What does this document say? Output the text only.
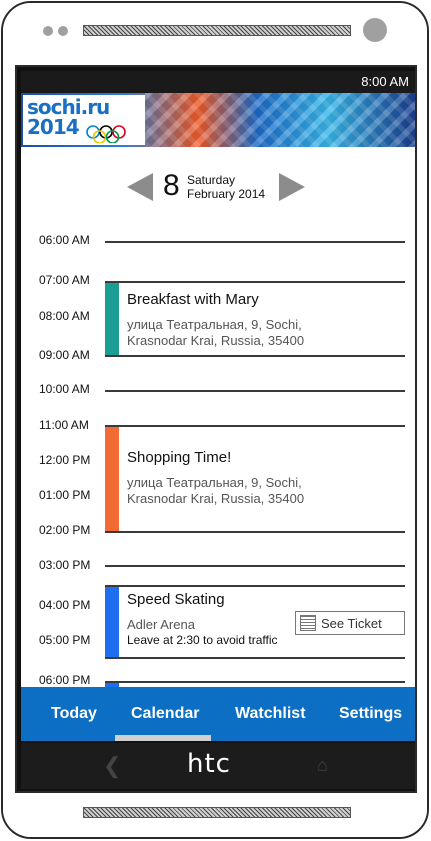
8:00 AM
sochi.ru
2014
8 Saturday
February 2014
06:00 AM
07:00 AM
Breakfast with Mary
улица Театральная, 9, Sochi,
Krasnodar Krai, Russia, 35400
08:00 AM
09:00 AM
10:00 AM
11:00 AM
Shopping Time!
улица Театральная, 9, Sochi,
Krasnodar Krai, Russia, 35400
12:00 PM
01:00 PM
02:00 PM
03:00 PM
Speed Skating
Adler Arena
Leave at 2:30 to avoid traffic
See Ticket
04:00 PM
05:00 PM
06:00 PM
Today Calendar Watchlist Settings
❮	htc	⌂
